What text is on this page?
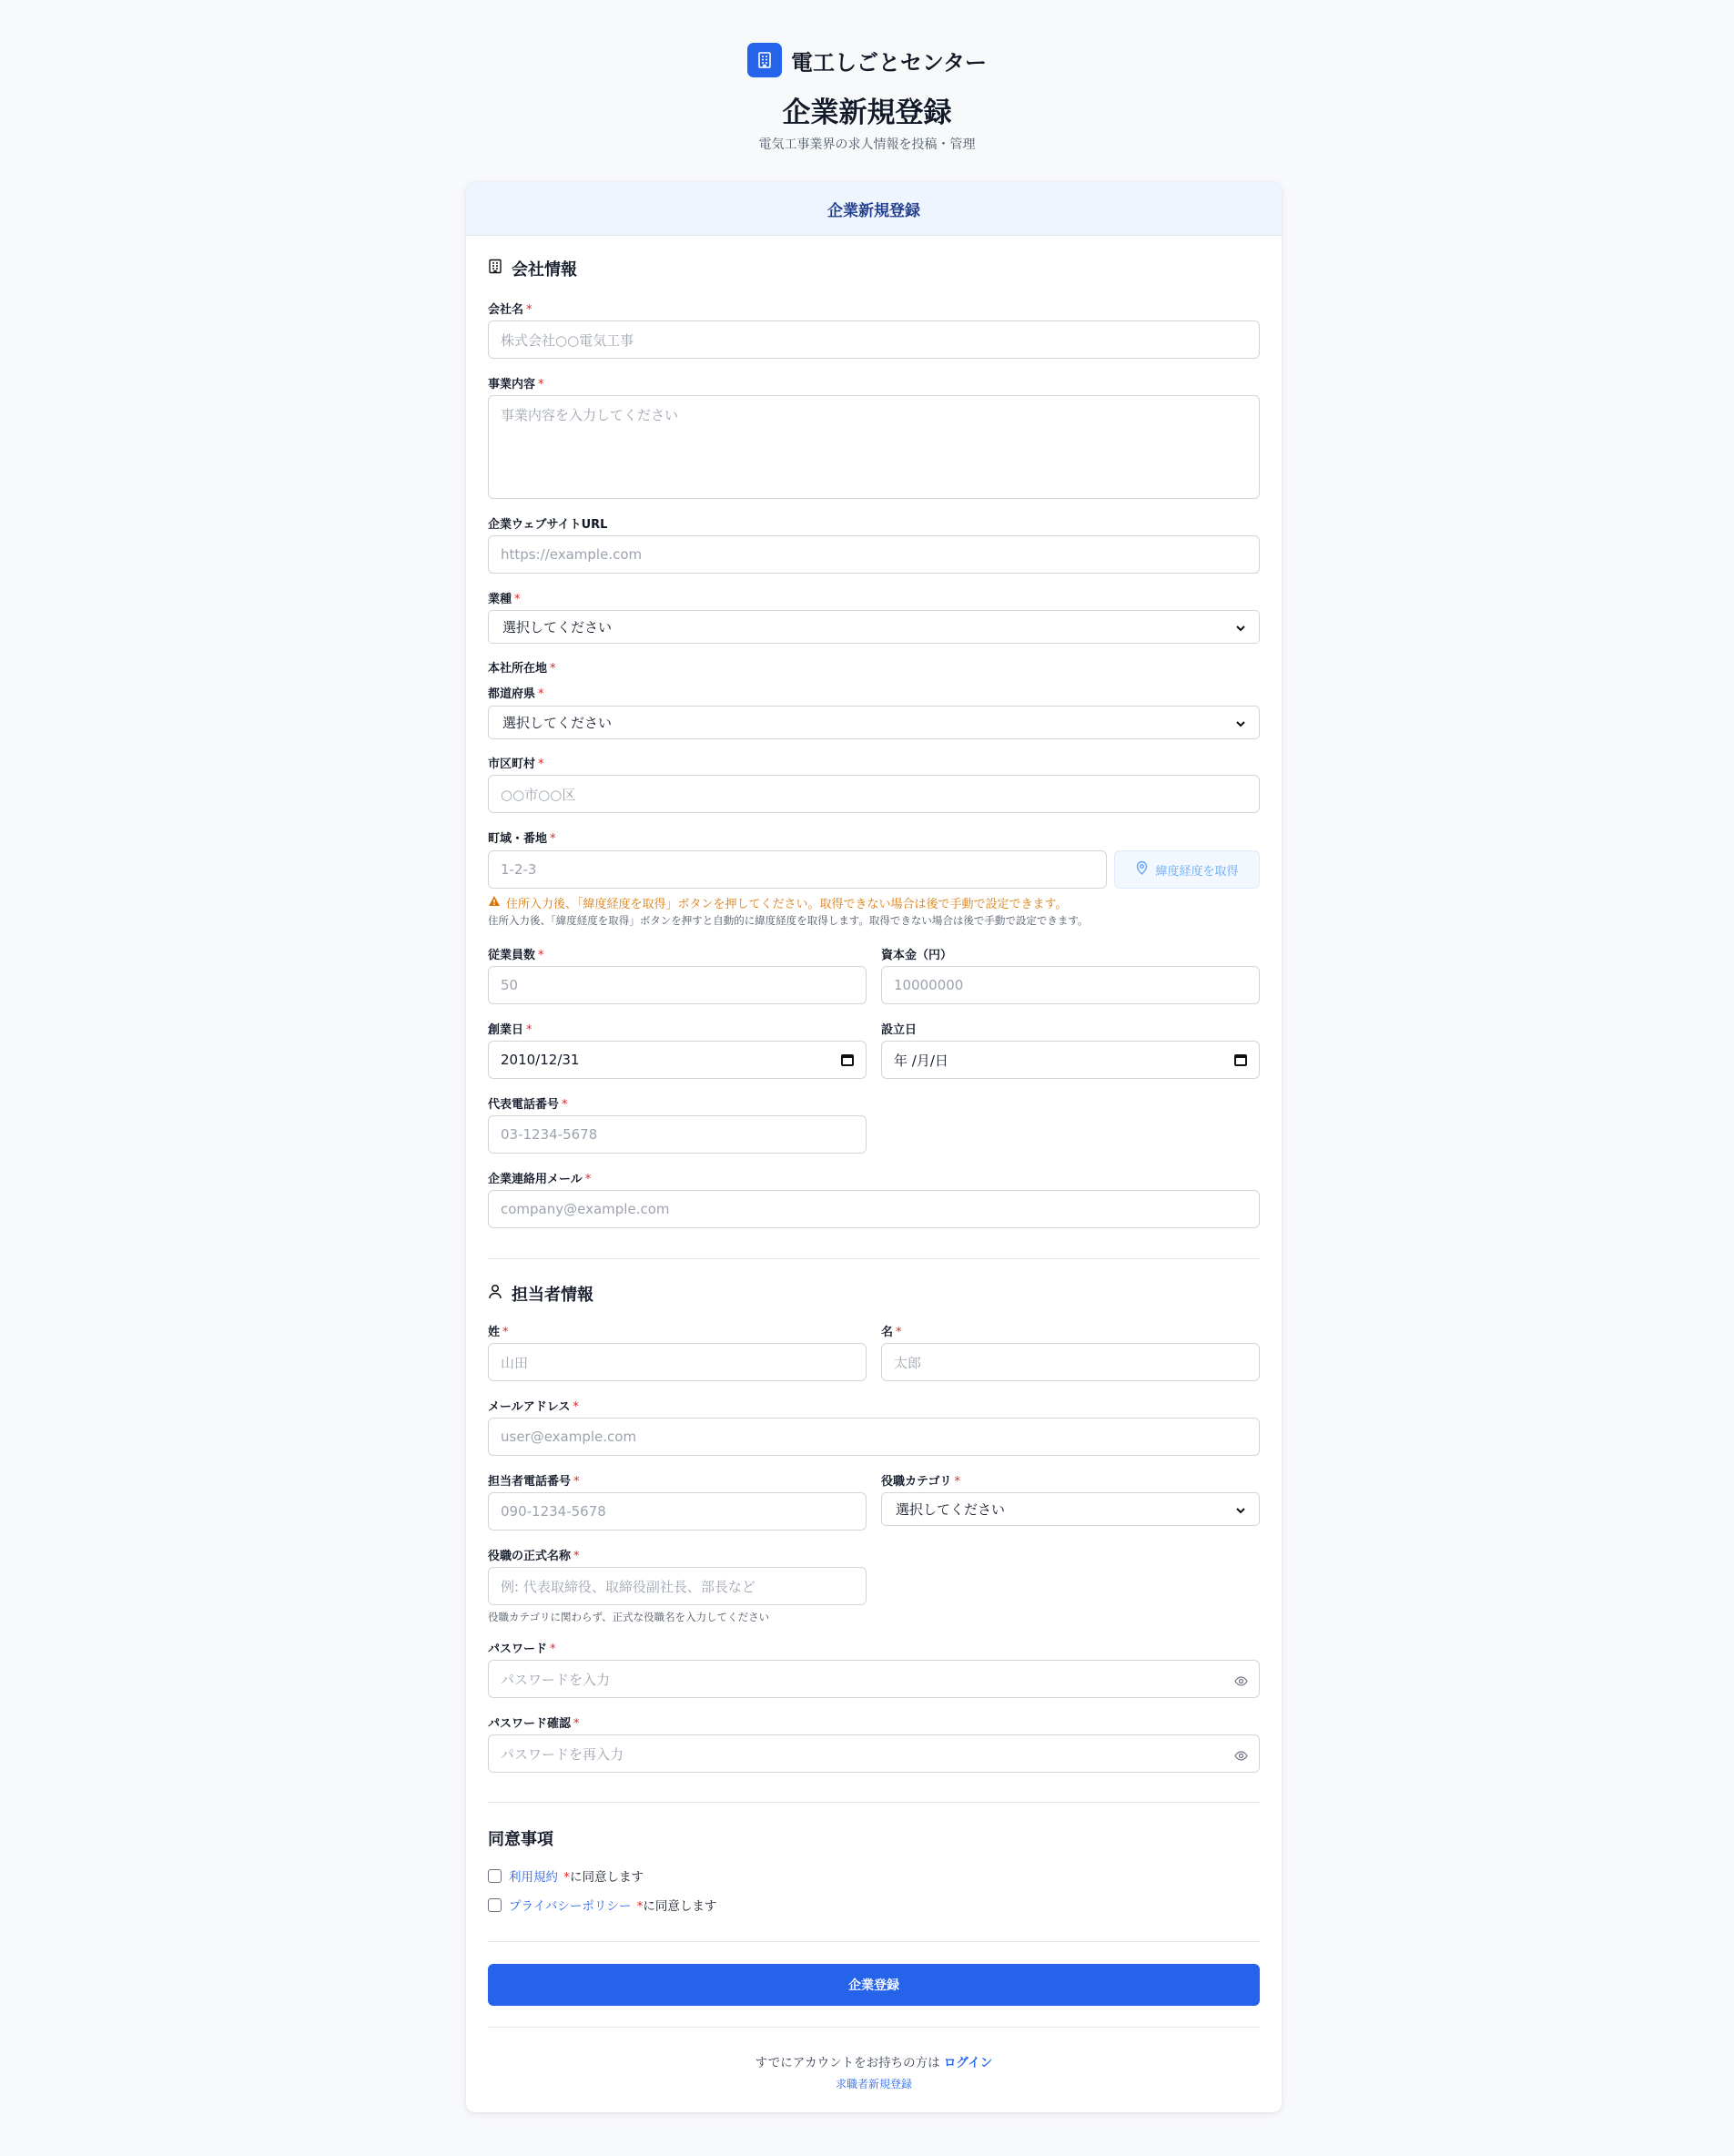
電工しごとセンター
企業新規登録
電気工事業界の求人情報を投稿・管理
企業新規登録
会社情報
会社名 *
株式会社○○電気工事
事業内容 *
事業内容を入力してください
企業ウェブサイトURL
https://example.com
業種 *
選択してください
本社所在地 *
都道府県 *
選択してください
市区町村 *
○○市○○区
町域・番地 *
1-2-3	緯度経度を取得
住所入力後、「緯度経度を取得」ボタンを押してください。取得できない場合は後で手動で設定できます。
住所入力後、「緯度経度を取得」ボタンを押すと自動的に緯度経度を取得します。取得できない場合は後で手動で設定できます。
従業員数 *
50
資本金（円）
10000000
創業日 *
2010/12/31
設立日
年 /月/日
代表電話番号 *
03-1234-5678
企業連絡用メール *
company@example.com
担当者情報
姓 *
山田
名 *
太郎
メールアドレス *
user@example.com
担当者電話番号 *
090-1234-5678
役職カテゴリ *
選択してください
役職の正式名称 *
例: 代表取締役、取締役副社長、部長など
役職カテゴリに関わらず、正式な役職名を入力してください
パスワード *
パスワードを入力
パスワード確認 *
パスワードを再入力
同意事項
利用規約 *に同意します
プライバシーポリシー *に同意します
企業登録
すでにアカウントをお持ちの方は ログイン
求職者新規登録
